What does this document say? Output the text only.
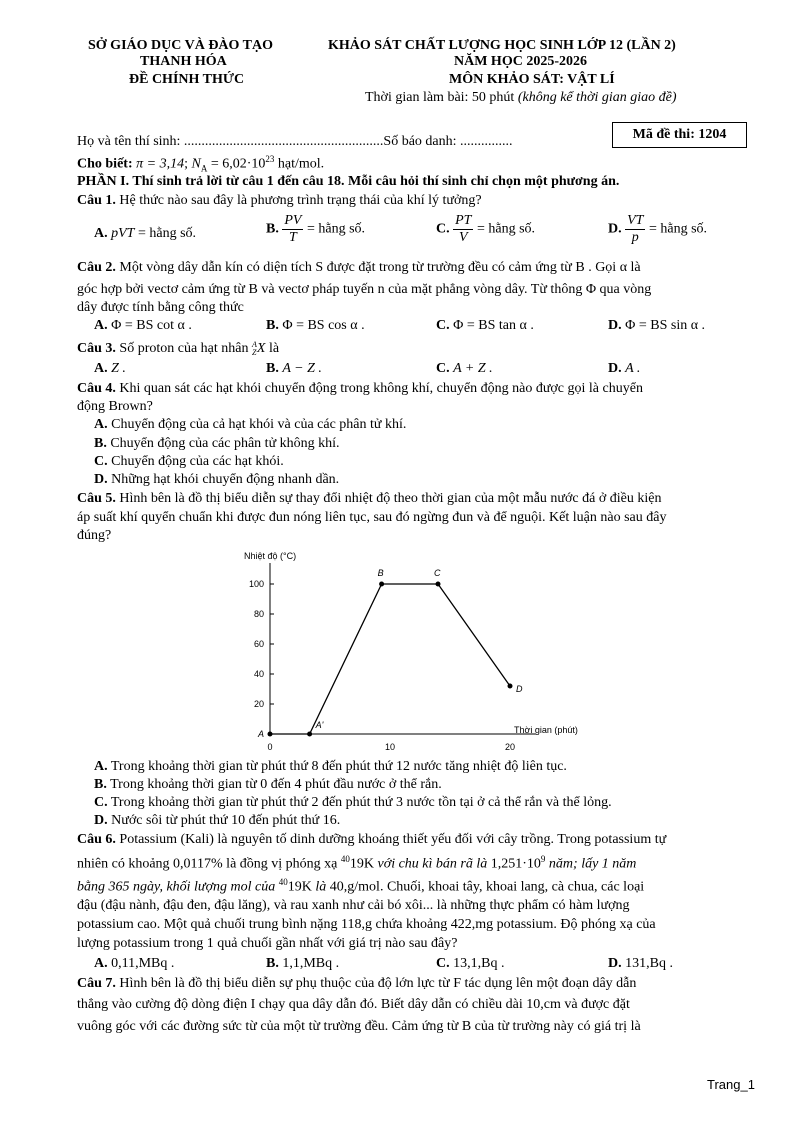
SỞ GIÁO DỤC VÀ ĐÀO TẠO
THANH HÓA
ĐỀ CHÍNH THỨC
KHẢO SÁT CHẤT LƯỢNG HỌC SINH LỚP 12 (LẦN 2)
NĂM HỌC 2025-2026
MÔN KHẢO SÁT: VẬT LÍ
Thời gian làm bài: 50 phút (không kể thời gian giao đề)
Mã đề thi: 1204
Họ và tên thí sinh: .........................................................Số báo danh: ...............
Cho biết: π = 3,14; $N_A = 6,02\cdot 10^{23}$ hạt/mol.
PHẦN I. Thí sinh trả lời từ câu 1 đến câu 18. Mỗi câu hỏi thí sinh chỉ chọn một phương án.
Câu 1. Hệ thức nào sau đây là phương trình trạng thái của khí lý tưởng?
A. pVT = hằng số.	B. $\frac{PV}{T}$ = hằng số.	C. $\frac{PT}{V}$ = hằng số.	D. $\frac{VT}{p}$ = hằng số.
Câu 2. Một vòng dây dẫn kín có diện tích S được đặt trong từ trường đều có cảm ứng từ B . Gọi α là
góc hợp bởi vectơ cảm ứng từ B và vectơ pháp tuyến n của mặt phẳng vòng dây. Từ thông Φ qua vòng
dây được tính bằng công thức
A. Φ = BS cot α .	B. Φ = BS cos α .	C. Φ = BS tan α .	D. Φ = BS sin α .
Câu 3. Số proton của hạt nhân A
Z X là
A. Z .	B. A − Z .	C. A + Z .	D. A .
Câu 4. Khi quan sát các hạt khói chuyển động trong không khí, chuyển động nào được gọi là chuyển
động Brown?
A. Chuyển động của cả hạt khói và của các phân tử khí.
B. Chuyển động của các phân tử không khí.
C. Chuyển động của các hạt khói.
D. Những hạt khói chuyển động nhanh dần.
Câu 5. Hình bên là đồ thị biểu diễn sự thay đổi nhiệt độ theo thời gian của một mẫu nước đá ở điều kiện
áp suất khí quyển chuẩn khi được đun nóng liên tục, sau đó ngừng đun và để nguội. Kết luận nào sau đây
đúng?
Nhiệt độ (°C)
Thời gian (phút)
20
40
60
80
100
0	10	20
A
A'
B	C
D
A. Trong khoảng thời gian từ phút thứ 8 đến phút thứ 12 nước tăng nhiệt độ liên tục.
B. Trong khoảng thời gian từ 0 đến 4 phút đầu nước ở thể rắn.
C. Trong khoảng thời gian từ phút thứ 2 đến phút thứ 3 nước tồn tại ở cả thể rắn và thể lỏng.
D. Nước sôi từ phút thứ 10 đến phút thứ 16.
Câu 6. Potassium (Kali) là nguyên tố dinh dưỡng khoáng thiết yếu đối với cây trồng. Trong potassium tự
nhiên có khoảng 0,0117% là đồng vị phóng xạ $^{40}$19K với chu kì bán rã là $1,251\cdot 10^9$ năm; lấy 1 năm
bằng 365 ngày, khối lượng mol của $^{40}$19K là 40,g/mol. Chuối, khoai tây, khoai lang, cà chua, các loại
đậu (đậu nành, đậu đen, đậu lăng), và rau xanh như cải bó xôi... là những thực phẩm có hàm lượng
potassium cao. Một quả chuối trung bình nặng 118,g chứa khoảng 422,mg potassium. Độ phóng xạ của
lượng potassium trong 1 quả chuối gần nhất với giá trị nào sau đây?
A. 0,11,MBq .	B. 1,1,MBq .	C. 13,1,Bq .	D. 131,Bq .
Câu 7. Hình bên là đồ thị biểu diễn sự phụ thuộc của độ lớn lực từ F tác dụng lên một đoạn dây dẫn
thẳng vào cường độ dòng điện I chạy qua dây dẫn đó. Biết dây dẫn có chiều dài 10,cm và được đặt
vuông góc với các đường sức từ của một từ trường đều. Cảm ứng từ B của từ trường này có giá trị là
Trang_1
